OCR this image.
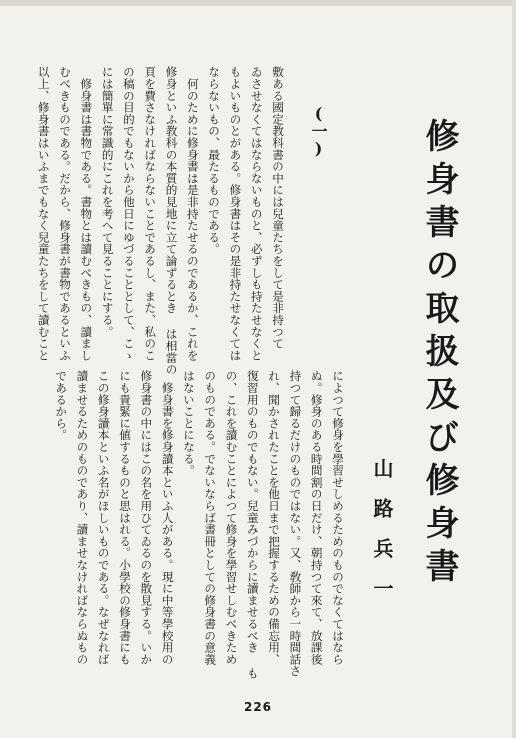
修身書の取扱及び修身書
山路兵一
(一)
敷ある國定教科書の中には兒童たちをして是非持つて
ゐさせなくてはならないものと、必ずしも持たせなくと
もよいものとがある。修身書はその是非持たせなくては
ならないもの、最たるものである。
　何のために修身書は是非持たせるのであるか、これを
修身といふ教科の本質的見地に立て論ずるとき は相當の
頁を費さなければならないことであるし、また、私のこ
の稿の目的でもないから他日にゆづることとして、こゝ
には簡單に常識的にこれを考へて見ることにする。
　修身書は書物である。書物とは讀むべきもの、讀まし
むべきものである。だから、修身書が書物であるといふ
以上、修身書はいふまでもなく兒童たちをして讀むこと
によつて修身を學習せしめるためのものでなくてはなら
ぬ。修身のある時間割の日だけ、朝持つて來て、放課後
持つて歸るだけのものではない。又、敎師から一時間話さ
れ、聞かされたことを他日まで把握するための備忘用、
復習用のものでもない。兒童みづからに讀ませるべき も
の、これを讀むことによつて修身を學習せしむべきため
のものである。でないならば書冊としての修身書の意義
はないことになる。
　修身書を修身讀本といふ人がある。現に中等學校用の
修身書の中にはこの名を用ひてゐるのを散見する。いか
にも貴緊に値するものと思はれる。小學校の修身書にも
この修身讀本といふ名がほしいものである。なぜなれば
讀ませるためのものであり、讀ませなければならぬもの
であるから。
226
